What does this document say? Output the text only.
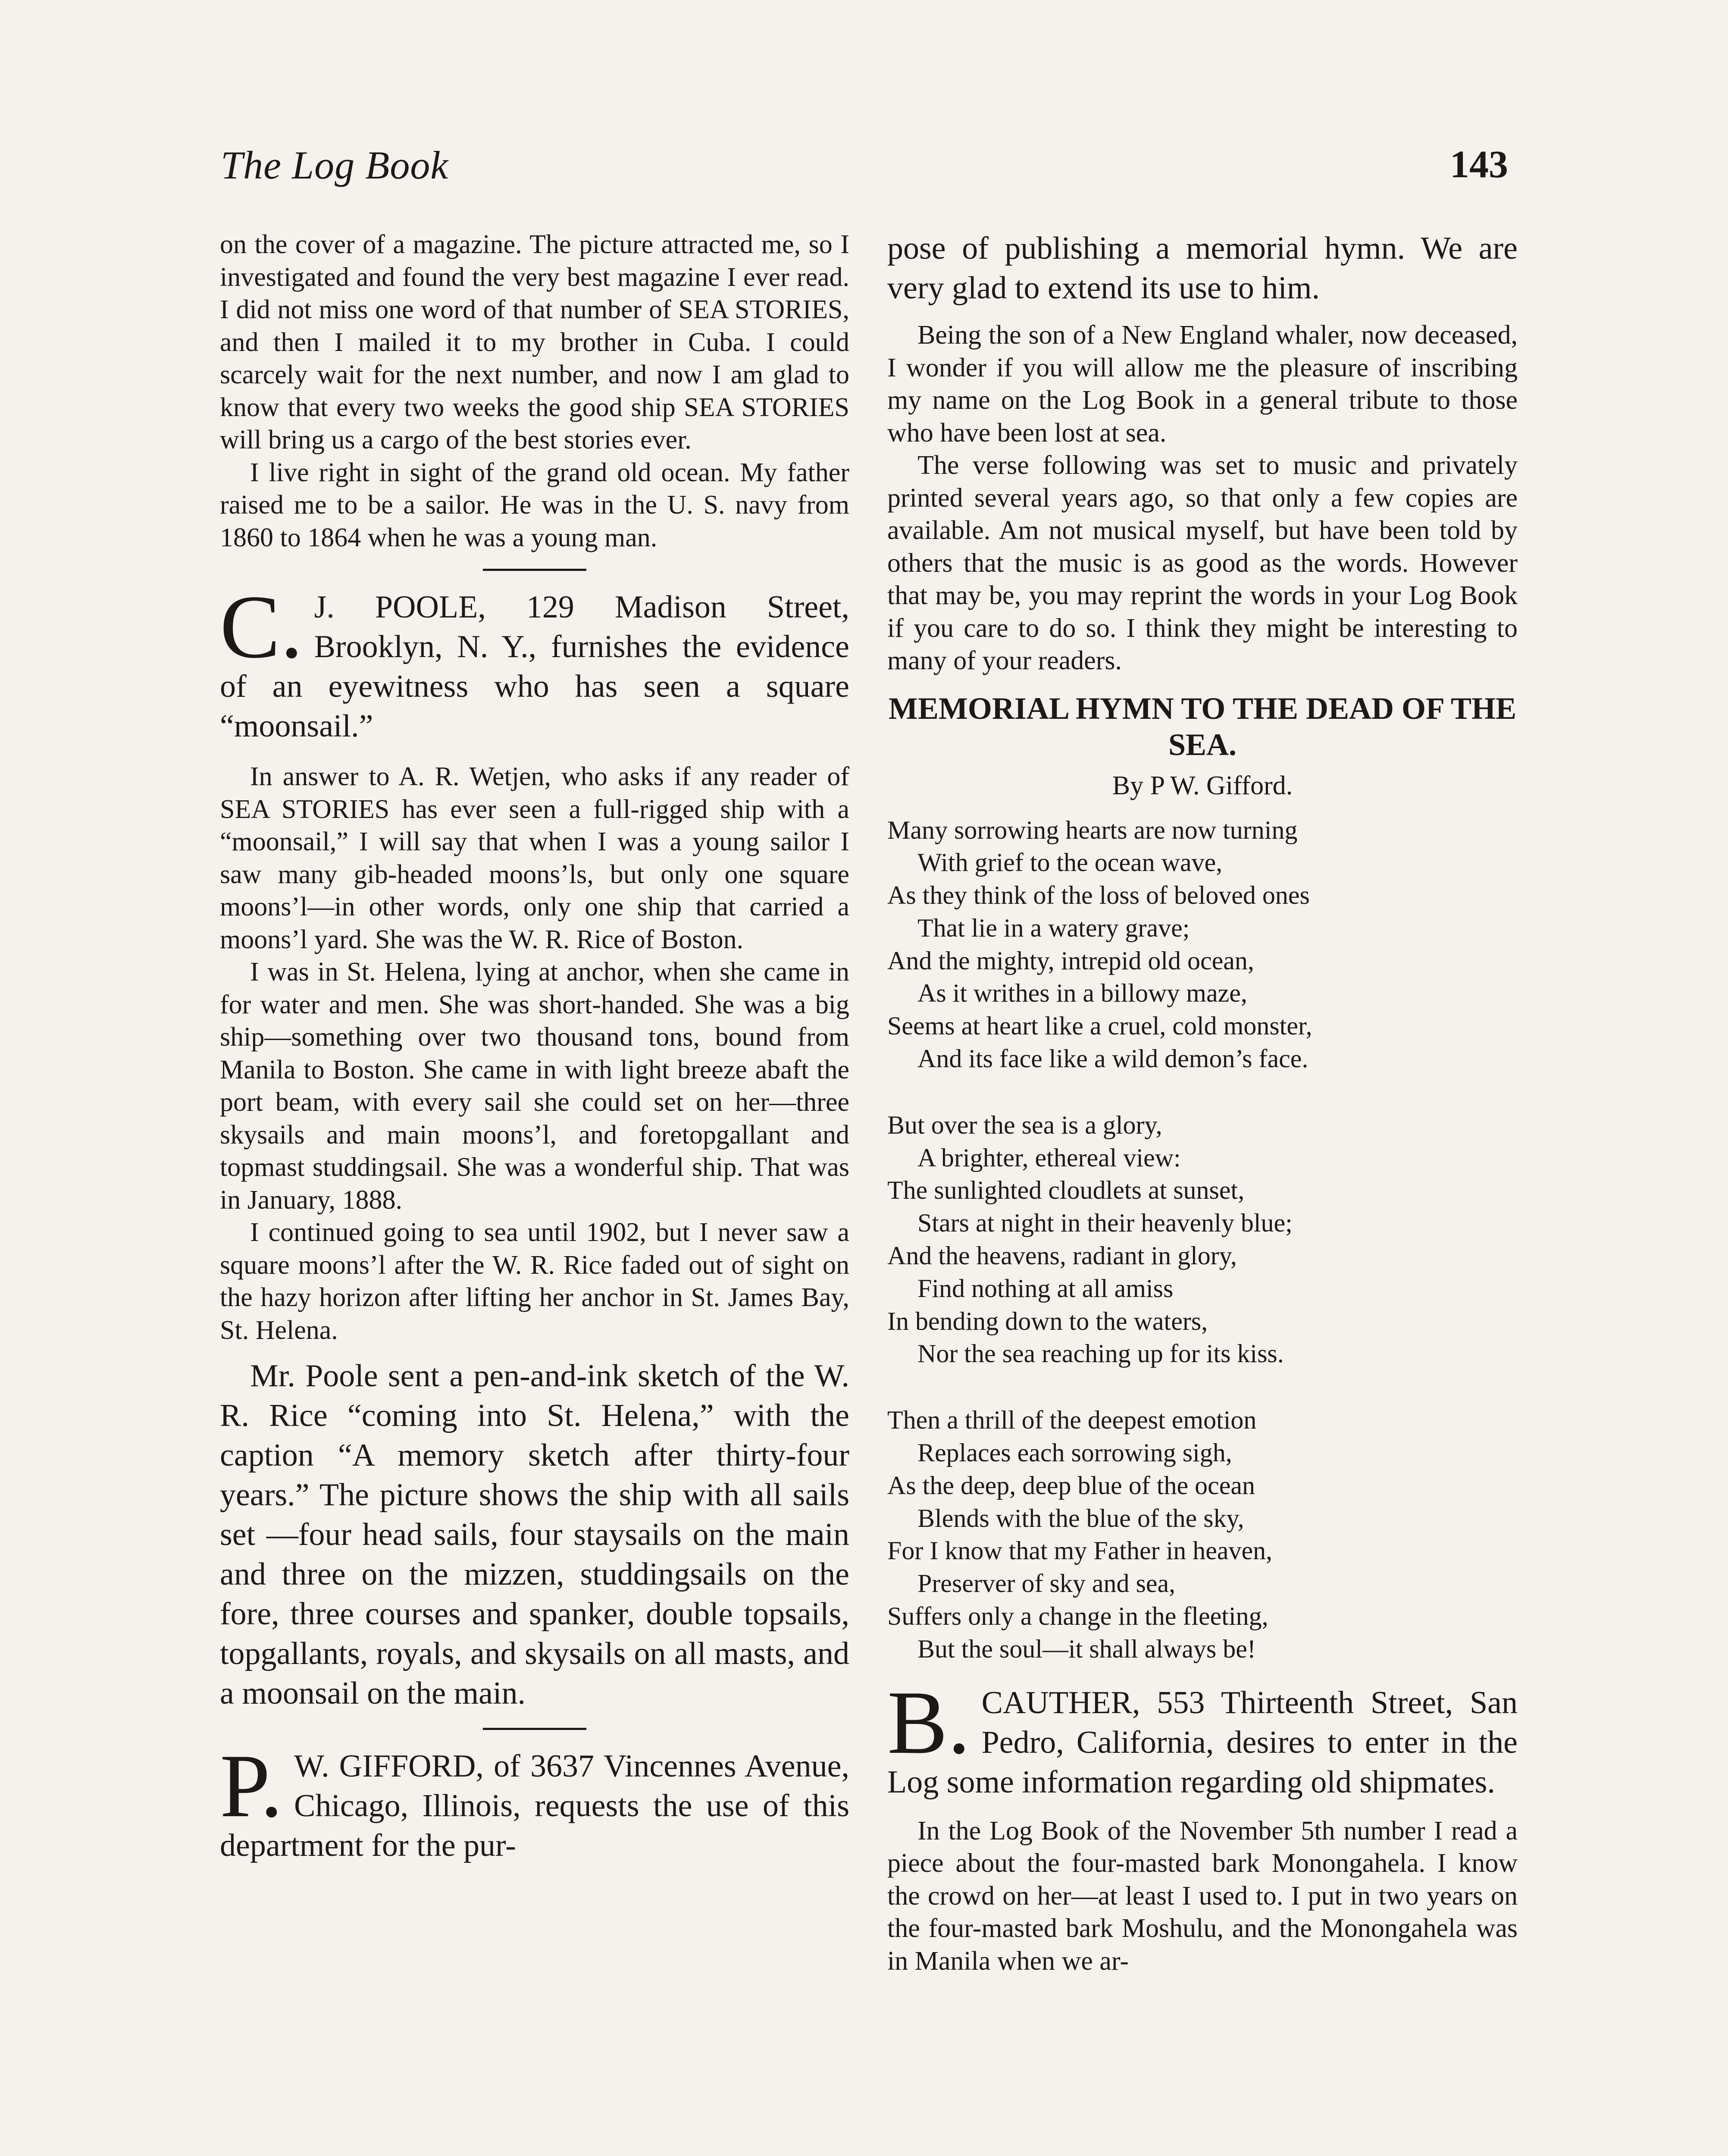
The Log Book	143

on the cover of a magazine. The picture attracted me, so I investigated and found the very best magazine I ever read. I did not miss one word of that number of SEA STORIES, and then I mailed it to my brother in Cuba. I could scarcely wait for the next number, and now I am glad to know that every two weeks the good ship SEA STORIES will bring us a cargo of the best stories ever.

I live right in sight of the grand old ocean. My father raised me to be a sailor. He was in the U. S. navy from 1860 to 1864 when he was a young man.

C. J. POOLE, 129 Madison Street, Brooklyn, N. Y., furnishes the evidence of an eyewitness who has seen a square “moonsail.”

In answer to A. R. Wetjen, who asks if any reader of SEA STORIES has ever seen a full-rigged ship with a “moonsail,” I will say that when I was a young sailor I saw many gib-headed moons’ls, but only one square moons’l—in other words, only one ship that carried a moons’l yard. She was the W. R. Rice of Boston.

I was in St. Helena, lying at anchor, when she came in for water and men. She was short-handed. She was a big ship—something over two thousand tons, bound from Manila to Boston. She came in with light breeze abaft the port beam, with every sail she could set on her—three skysails and main moons’l, and foretopgallant and topmast studdingsail. She was a wonderful ship. That was in January, 1888.

I continued going to sea until 1902, but I never saw a square moons’l after the W. R. Rice faded out of sight on the hazy horizon after lifting her anchor in St. James Bay, St. Helena.

Mr. Poole sent a pen-and-ink sketch of the W. R. Rice “coming into St. Helena,” with the caption “A memory sketch after thirty-four years.” The picture shows the ship with all sails set —four head sails, four staysails on the main and three on the mizzen, studdingsails on the fore, three courses and spanker, double topsails, topgallants, royals, and skysails on all masts, and a moonsail on the main.

P. W. GIFFORD, of 3637 Vincennes Avenue, Chicago, Illinois, requests the use of this department for the pur-

pose of publishing a memorial hymn. We are very glad to extend its use to him.

Being the son of a New England whaler, now deceased, I wonder if you will allow me the pleasure of inscribing my name on the Log Book in a general tribute to those who have been lost at sea.

The verse following was set to music and privately printed several years ago, so that only a few copies are available. Am not musical myself, but have been told by others that the music is as good as the words. However that may be, you may reprint the words in your Log Book if you care to do so. I think they might be interesting to many of your readers.

MEMORIAL HYMN TO THE DEAD OF THE SEA.
By P W. Gifford.
Many sorrowing hearts are now turning
With grief to the ocean wave,
As they think of the loss of beloved ones
That lie in a watery grave;
And the mighty, intrepid old ocean,
As it writhes in a billowy maze,
Seems at heart like a cruel, cold monster,
And its face like a wild demon’s face.
But over the sea is a glory,
A brighter, ethereal view:
The sunlighted cloudlets at sunset,
Stars at night in their heavenly blue;
And the heavens, radiant in glory,
Find nothing at all amiss
In bending down to the waters,
Nor the sea reaching up for its kiss.
Then a thrill of the deepest emotion
Replaces each sorrowing sigh,
As the deep, deep blue of the ocean
Blends with the blue of the sky,
For I know that my Father in heaven,
Preserver of sky and sea,
Suffers only a change in the fleeting,
But the soul—it shall always be!

B. CAUTHER, 553 Thirteenth Street, San Pedro, California, desires to enter in the Log some information regarding old shipmates.

In the Log Book of the November 5th number I read a piece about the four-masted bark Monongahela. I know the crowd on her—at least I used to. I put in two years on the four-masted bark Moshulu, and the Monongahela was in Manila when we ar-
